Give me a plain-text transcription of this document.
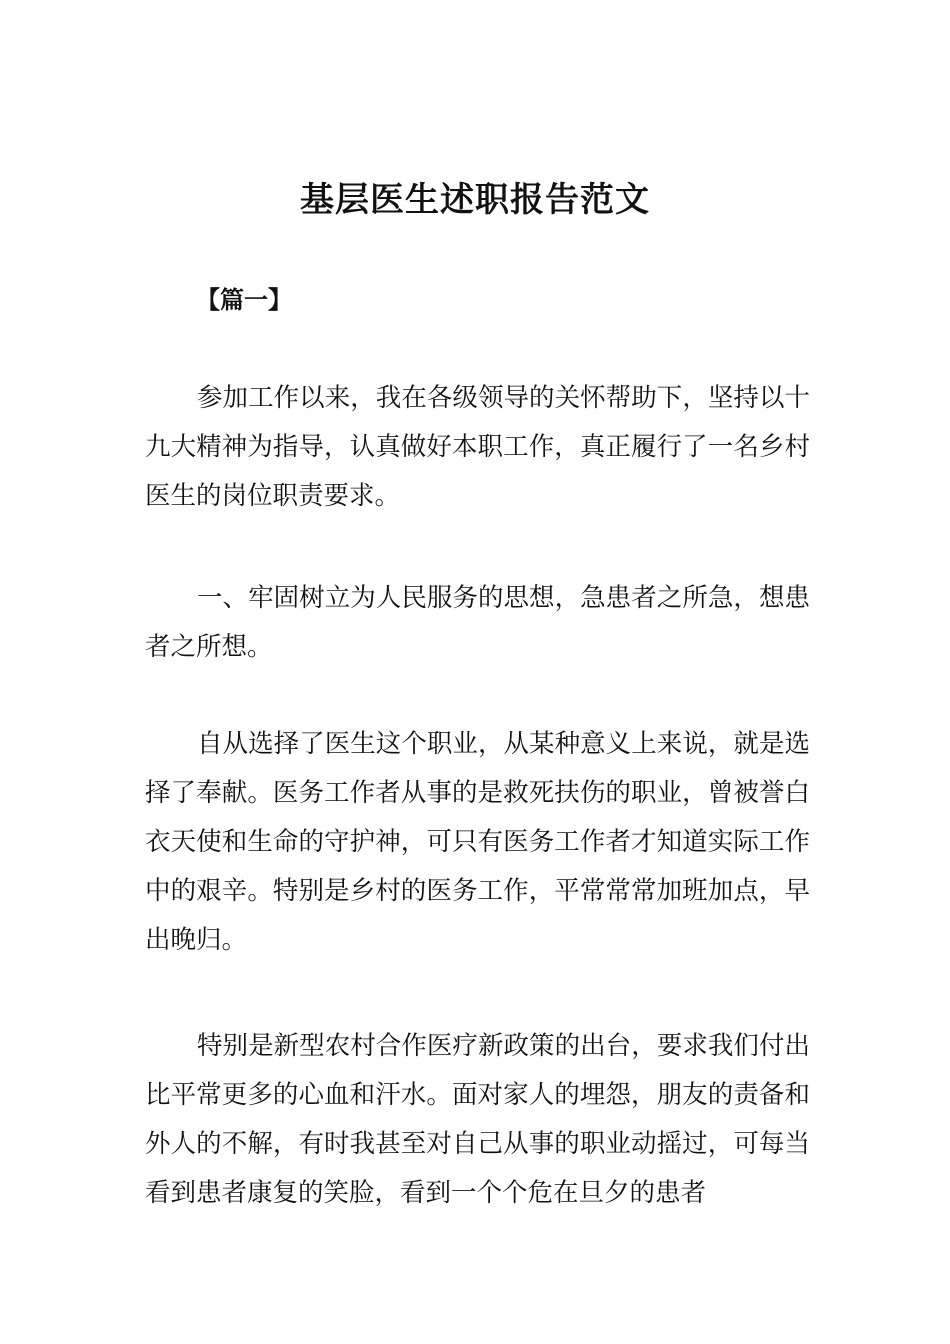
基层医生述职报告范文
【篇一】

参加工作以来，我在各级领导的关怀帮助下，坚持以十九大精神为指导，认真做好本职工作，真正履行了一名乡村医生的岗位职责要求。

一、牢固树立为人民服务的思想，急患者之所急，想患者之所想。

自从选择了医生这个职业，从某种意义上来说，就是选择了奉献。医务工作者从事的是救死扶伤的职业，曾被誉白衣天使和生命的守护神，可只有医务工作者才知道实际工作中的艰辛。特别是乡村的医务工作，平常常常加班加点，早出晚归。

特别是新型农村合作医疗新政策的出台，要求我们付出比平常更多的心血和汗水。面对家人的埋怨，朋友的责备和外人的不解，有时我甚至对自己从事的职业动摇过，可每当看到患者康复的笑脸，看到一个个危在旦夕的患者
